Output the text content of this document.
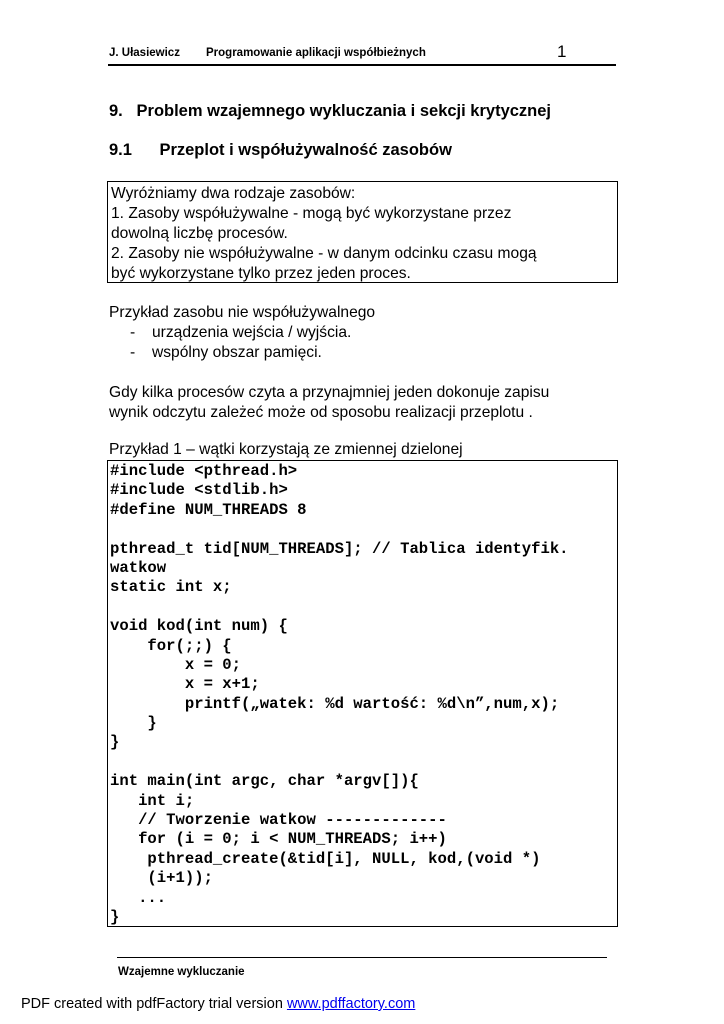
J. Ułasiewicz Programowanie aplikacji współbieżnych	1
9.   Problem wzajemnego wykluczania i sekcji krytycznej
9.1      Przeplot i współużywalność zasobów
Wyróżniamy dwa rodzaje zasobów:
1. Zasoby współużywalne - mogą być wykorzystane przez
dowolną liczbę procesów.
2. Zasoby nie współużywalne - w danym odcinku czasu mogą
być wykorzystane tylko przez jeden proces.
Przykład zasobu nie współużywalnego
- urządzenia wejścia / wyjścia.
- wspólny obszar pamięci.
Gdy kilka procesów czyta a przynajmniej jeden dokonuje zapisu
wynik odczytu zależeć może od sposobu realizacji przeplotu .
Przykład 1 – wątki korzystają ze zmiennej dzielonej
#include <pthread.h>
#include <stdlib.h>
#define NUM_THREADS 8
pthread_t tid[NUM_THREADS]; // Tablica identyfik.
watkow
static int x;
void kod(int num) {
for(;;) {
x = 0;
x = x+1;
printf(„watek: %d wartość: %d\n”,num,x);
}
}
int main(int argc, char *argv[]){
int i;
// Tworzenie watkow -------------
for (i = 0; i < NUM_THREADS; i++)
pthread_create(&tid[i], NULL, kod,(void *)
(i+1));
...
}
Wzajemne wykluczanie
PDF created with pdfFactory trial version www.pdffactory.com
